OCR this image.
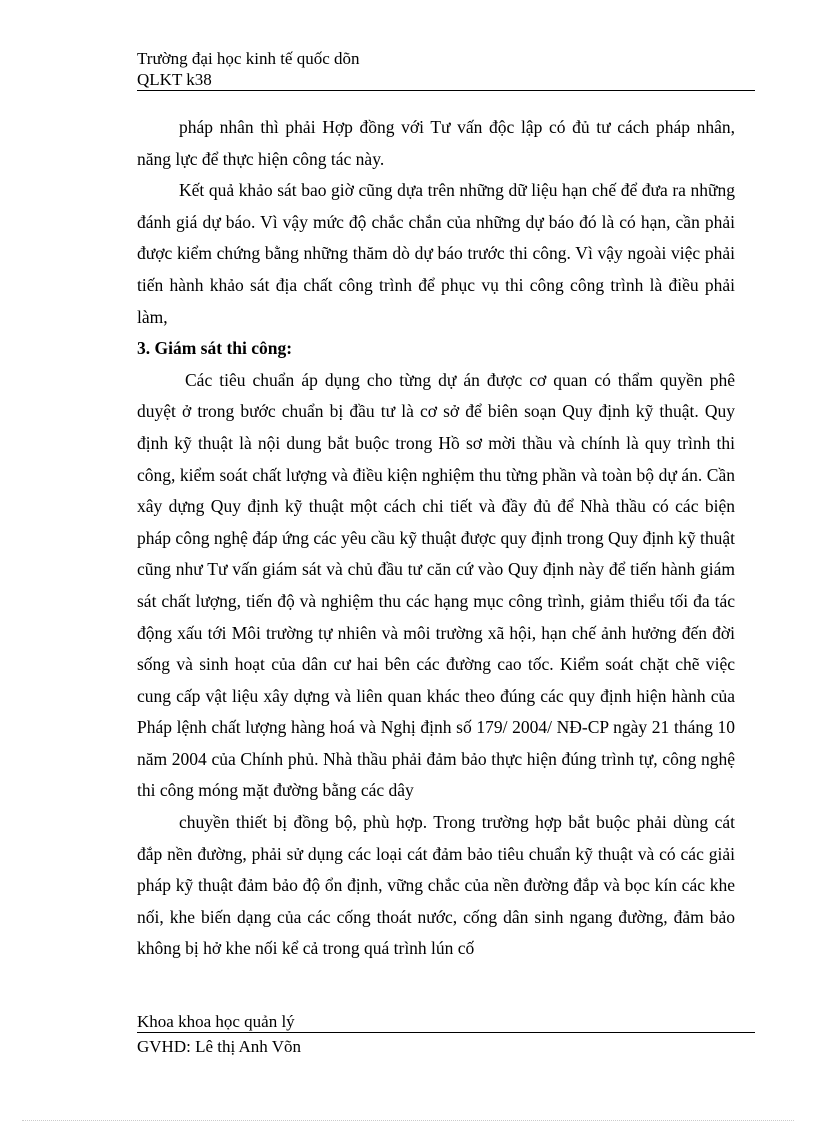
Trường đại học kinh tế quốc dõn
QLKT k38

pháp nhân thì phải Hợp đồng với Tư vấn độc lập có đủ tư cách pháp nhân, năng lực để thực hiện công tác này.

Kết quả khảo sát bao giờ cũng dựa trên những dữ liệu hạn chế để đưa ra những đánh giá dự báo. Vì vậy mức độ chắc chắn của những dự báo đó là có hạn, cần phải được kiểm chứng bằng những thăm dò dự báo trước thi công. Vì vậy ngoài việc phải tiến hành khảo sát địa chất công trình để phục vụ thi công công trình là điều phải làm,

3. Giám sát thi công:

Các tiêu chuẩn áp dụng cho từng dự án được cơ quan có thẩm quyền phê duyệt ở trong bước chuẩn bị đầu tư là cơ sở để biên soạn Quy định kỹ thuật. Quy định kỹ thuật là nội dung bắt buộc trong Hồ sơ mời thầu và chính là quy trình thi công, kiểm soát chất lượng và điều kiện nghiệm thu từng phần và toàn bộ dự án. Cần xây dựng Quy định kỹ thuật một cách chi tiết và đầy đủ để Nhà thầu có các biện pháp công nghệ đáp ứng các yêu cầu kỹ thuật được quy định trong Quy định kỹ thuật cũng như Tư vấn giám sát và chủ đầu tư căn cứ vào Quy định này để tiến hành giám sát chất lượng, tiến độ và nghiệm thu các hạng mục công trình, giảm thiểu tối đa tác động xấu tới Môi trường tự nhiên và môi trường xã hội, hạn chế ảnh hưởng đến đời sống và sinh hoạt của dân cư hai bên các đường cao tốc. Kiểm soát chặt chẽ việc cung cấp vật liệu xây dựng và liên quan khác theo đúng các quy định hiện hành của Pháp lệnh chất lượng hàng hoá và Nghị định số 179/ 2004/ NĐ-CP ngày 21 tháng 10 năm 2004 của Chính phủ. Nhà thầu phải đảm bảo thực hiện đúng trình tự, công nghệ thi công móng mặt đường bằng các dây

chuyền thiết bị đồng bộ, phù hợp. Trong trường hợp bắt buộc phải dùng cát đắp nền đường, phải sử dụng các loại cát đảm bảo tiêu chuẩn kỹ thuật và có các giải pháp kỹ thuật đảm bảo độ ổn định, vững chắc của nền đường đắp và bọc kín các khe nối, khe biến dạng của các cống thoát nước, cống dân sinh ngang đường, đảm bảo không bị hở khe nối kể cả trong quá trình lún cố

Khoa khoa học quản lý
GVHD: Lê thị Anh Võn
